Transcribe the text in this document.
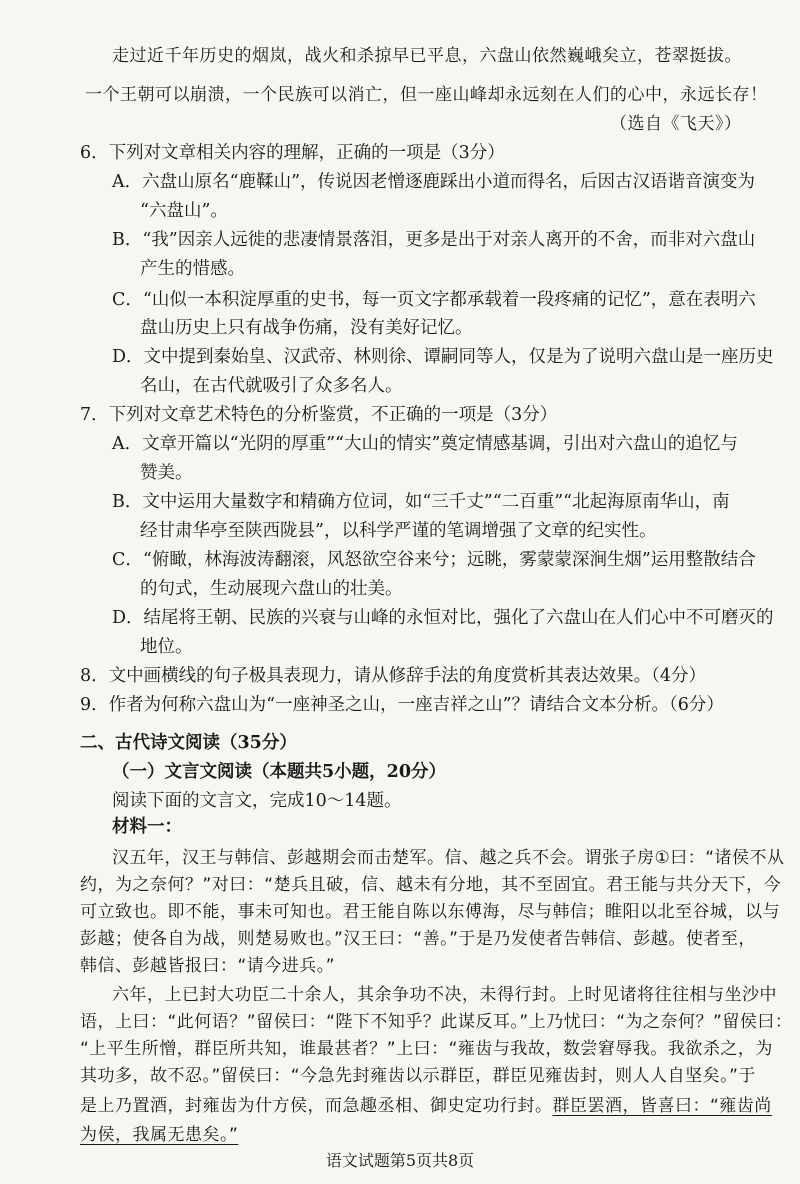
走过近千年历史的烟岚，战火和杀掠早已平息，六盘山依然巍峨矣立，苍翠挺拔。
一个王朝可以崩溃，一个民族可以消亡，但一座山峰却永远刻在人们的心中，永远长存！
（选自《飞天》）
6．下列对文章相关内容的理解，正确的一项是（3分）
A．六盘山原名“鹿鞣山”，传说因老憎逐鹿踩出小道而得名，后因古汉语谐音演变为
“六盘山”。
B．“我”因亲人远徙的悲凄情景落泪，更多是出于对亲人离开的不舍，而非对六盘山
产生的惜感。
C．“山似一本积淀厚重的史书，每一页文字都承载着一段疼痛的记忆”，意在表明六
盘山历史上只有战争伤痛，没有美好记忆。
D．文中提到秦始皇、汉武帝、林则徐、谭嗣同等人，仅是为了说明六盘山是一座历史
名山，在古代就吸引了众多名人。
7．下列对文章艺术特色的分析鉴赏，不正确的一项是（3分）
A．文章开篇以“光阴的厚重”“大山的情实”奠定情感基调，引出对六盘山的追忆与
赞美。
B．文中运用大量数字和精确方位词，如“三千丈”“二百重”“北起海原南华山，南
经甘肃华亭至陕西陇县”，以科学严谨的笔调增强了文章的纪实性。
C．“俯瞰，林海波涛翻滚，风怒欲空谷来兮；远眺，雾蒙蒙深涧生烟”运用整散结合
的句式，生动展现六盘山的壮美。
D．结尾将王朝、民族的兴衰与山峰的永恒对比，强化了六盘山在人们心中不可磨灭的
地位。
8．文中画横线的句子极具表现力，请从修辞手法的角度赏析其表达效果。（4分）
9．作者为何称六盘山为“一座神圣之山，一座吉祥之山”？请结合文本分析。（6分）
二、古代诗文阅读（35分）
（一）文言文阅读（本题共5小题，20分）
阅读下面的文言文，完成10～14题。
材料一：
汉五年，汉王与韩信、彭越期会而击楚军。信、越之兵不会。谓张子房①曰：“诸侯不从
约，为之奈何？”对曰：“楚兵且破，信、越未有分地，其不至固宜。君王能与共分天下，今
可立致也。即不能，事未可知也。君王能自陈以东傅海，尽与韩信；睢阳以北至谷城，以与
彭越；使各自为战，则楚易败也。”汉王曰：“善。”于是乃发使者告韩信、彭越。使者至，
韩信、彭越皆报曰：“请今进兵。”
六年，上已封大功臣二十余人，其余争功不决，未得行封。上时见诸将往往相与坐沙中
语，上曰：“此何语？”留侯曰：“陛下不知乎？此谋反耳。”上乃忧曰：“为之奈何？”留侯曰：
“上平生所憎，群臣所共知，谁最甚者？”上曰：“雍齿与我故，数尝窘辱我。我欲杀之，为
其功多，故不忍。”留侯曰：“今急先封雍齿以示群臣，群臣见雍齿封，则人人自坚矣。”于
是上乃置酒，封雍齿为什方侯，而急趣丞相、御史定功行封。群臣罢酒，皆喜曰：“雍齿尚
为侯，我属无患矣。”
语文试题第5页共8页
